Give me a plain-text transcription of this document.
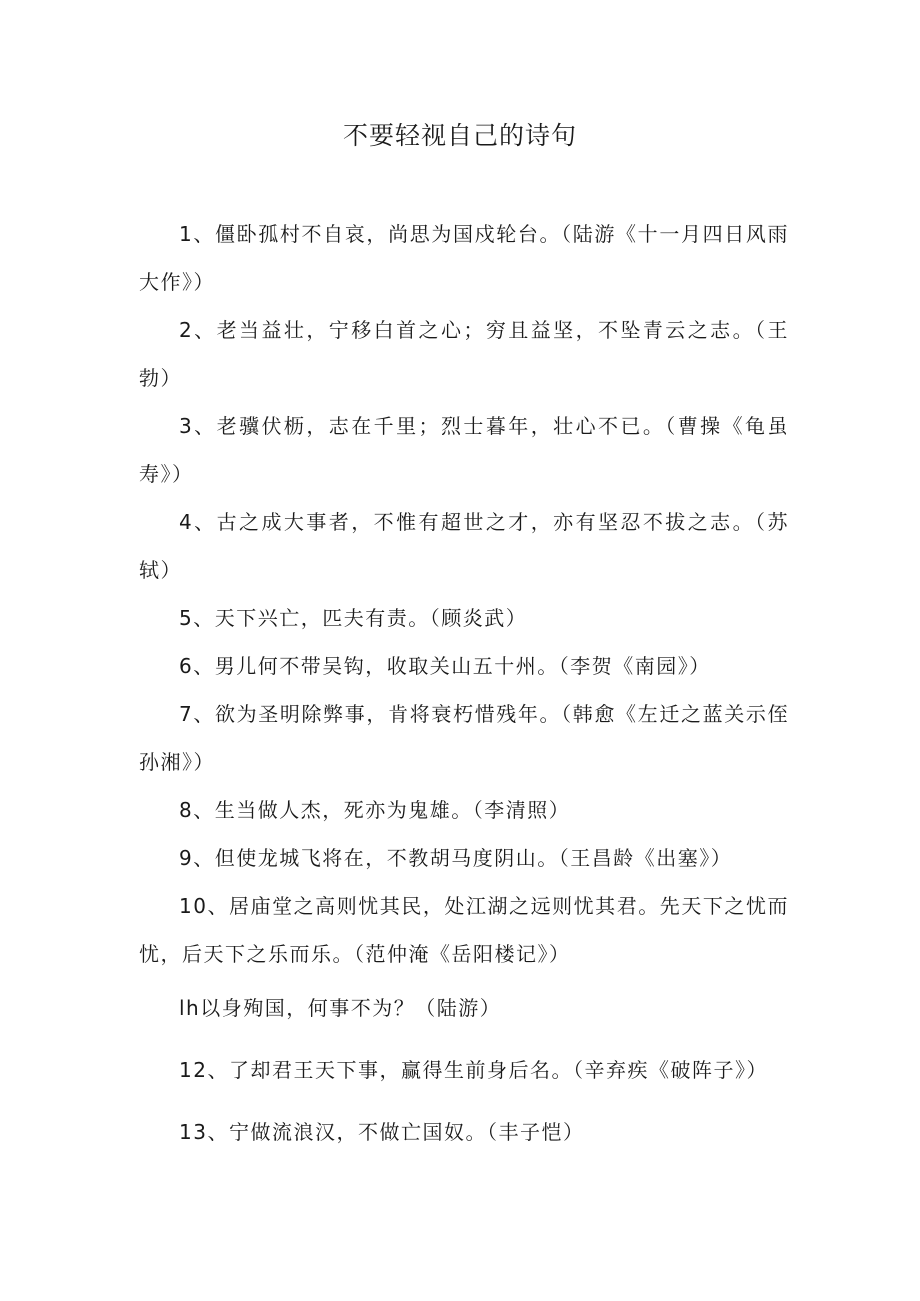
不要轻视自己的诗句

1、僵卧孤村不自哀，尚思为国戍轮台。（陆游《十一月四日风雨大作》）

2、老当益壮，宁移白首之心；穷且益坚，不坠青云之志。（王勃）

3、老骥伏枥，志在千里；烈士暮年，壮心不已。（曹操《龟虽寿》）

4、古之成大事者，不惟有超世之才，亦有坚忍不拔之志。（苏轼）

5、天下兴亡，匹夫有责。（顾炎武）

6、男儿何不带吴钩，收取关山五十州。（李贺《南园》）

7、欲为圣明除弊事，肯将衰朽惜残年。（韩愈《左迁之蓝关示侄孙湘》）

8、生当做人杰，死亦为鬼雄。（李清照）

9、但使龙城飞将在，不教胡马度阴山。（王昌龄《出塞》）

10、居庙堂之高则忧其民，处江湖之远则忧其君。先天下之忧而忧，后天下之乐而乐。（范仲淹《岳阳楼记》）

lh以身殉国，何事不为？（陆游）

12、了却君王天下事，赢得生前身后名。（辛弃疾《破阵子》）

13、宁做流浪汉，不做亡国奴。（丰子恺）
